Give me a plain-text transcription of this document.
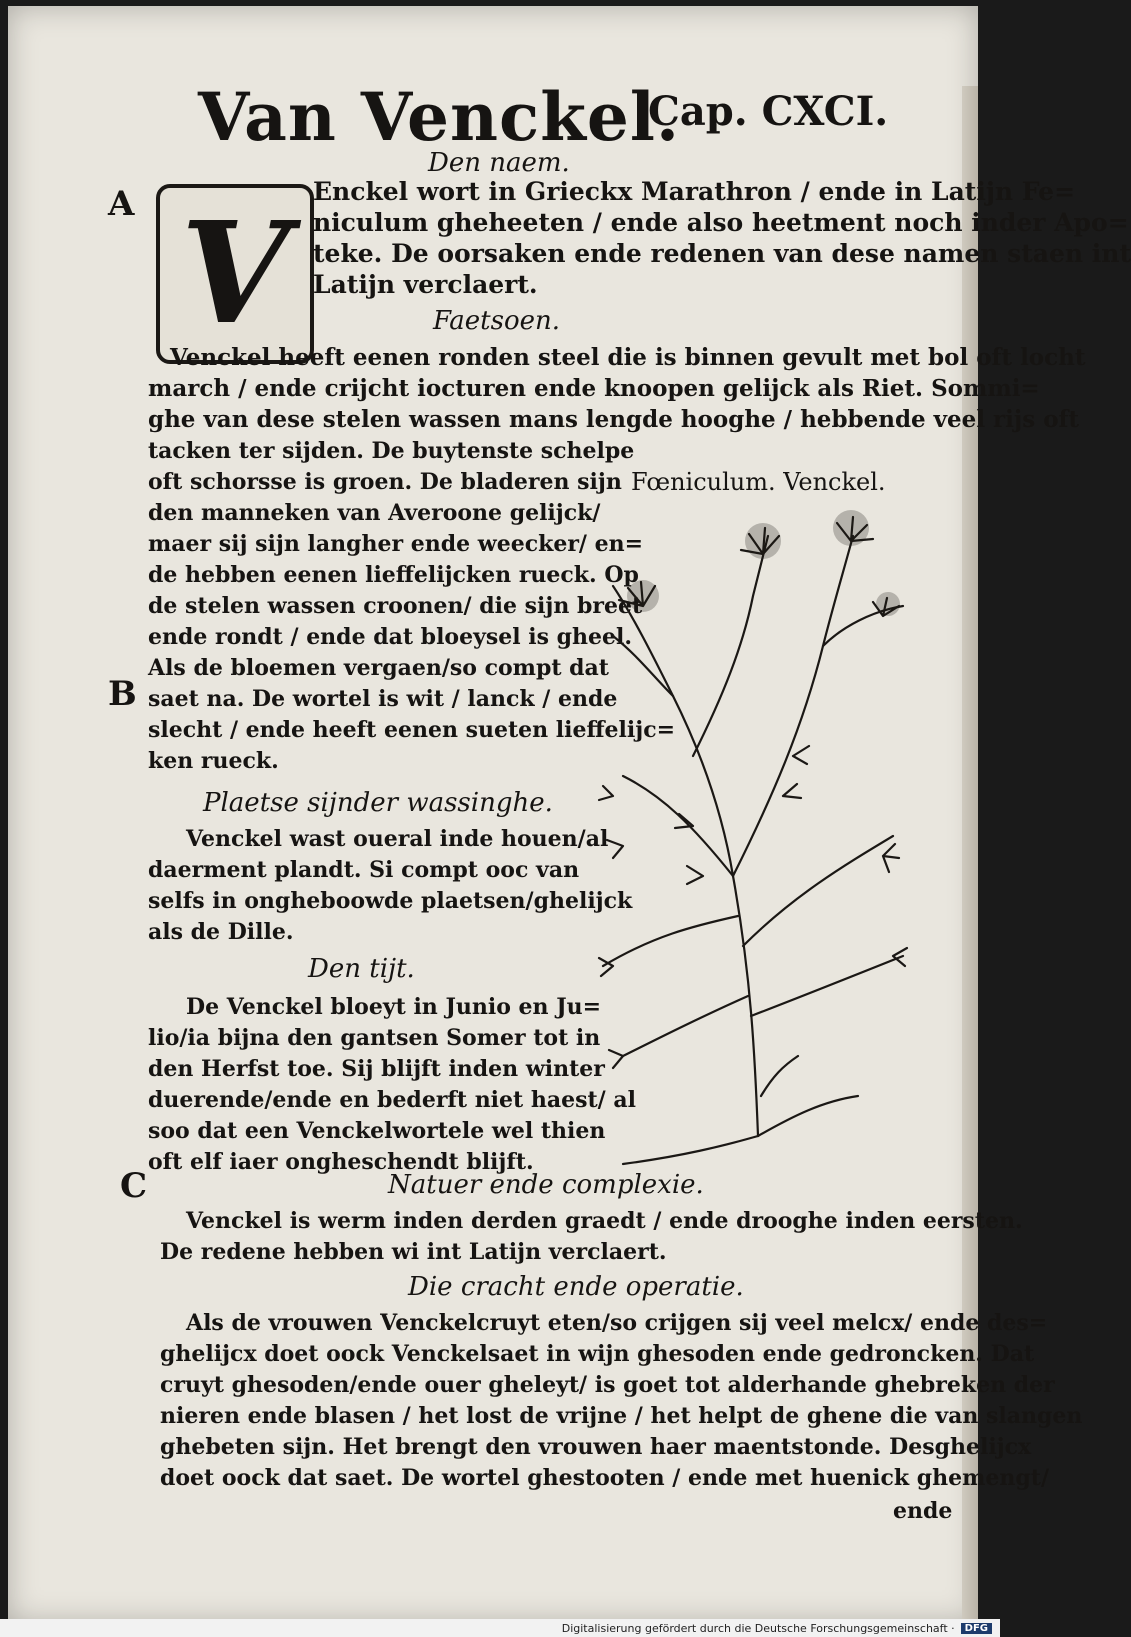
Van Venckel.
Cap. CXCI.
Den naem.
A V
Enckel wort in Grieckx Marathron / ende in Latijn Fe=
niculum gheheeten / ende also heetment noch inder Apo=
teke. De oorsaken ende redenen van dese namen staen int
Latijn verclaert.
Faetsoen.
Venckel heeft eenen ronden steel die is binnen gevult met bol oft locht
march / ende crijcht iocturen ende knoopen gelijck als Riet. Sommi=
ghe van dese stelen wassen mans lengde hooghe / hebbende veel rijs oft
tacken ter sijden. De buytenste schelpe
oft schorsse is groen. De bladeren sijn
den manneken van Averoone gelijck/
maer sij sijn langher ende weecker/ en=
de hebben eenen lieffelijcken rueck. Op
de stelen wassen croonen/ die sijn breet
ende rondt / ende dat bloeysel is gheel.
Als de bloemen vergaen/so compt dat
B saet na. De wortel is wit / lanck / ende
slecht / ende heeft eenen sueten lieffelijc=
ken rueck.
Plaetse sijnder wassinghe.
Venckel wast oueral inde houen/al
daerment plandt. Si compt ooc van
selfs in ongheboowde plaetsen/ghelijck
als de Dille.
Den tijt.
De Venckel bloeyt in Junio en Ju=
lio/ia bijna den gantsen Somer tot in
den Herfst toe. Sij blijft inden winter
duerende/ende en bederft niet haest/ al
soo dat een Venckelwortele wel thien
oft elf iaer ongheschendt blijft.
Fœniculum. Venckel.
C	Natuer ende complexie.
Venckel is werm inden derden graedt / ende drooghe inden eersten.
De redene hebben wi int Latijn verclaert.
Die cracht ende operatie.
Als de vrouwen Venckelcruyt eten/so crijgen sij veel melcx/ ende des=
ghelijcx doet oock Venckelsaet in wijn ghesoden ende gedroncken. Dat
cruyt ghesoden/ende ouer gheleyt/ is goet tot alderhande ghebreken der
nieren ende blasen / het lost de vrijne / het helpt de ghene die van slangen
ghebeten sijn. Het brengt den vrouwen haer maentstonde. Desghelijcx
doet oock dat saet. De wortel ghestooten / ende met huenick ghemengt/
ende
Digitalisierung gefördert durch die Deutsche Forschungsgemeinschaft ·	DFG
